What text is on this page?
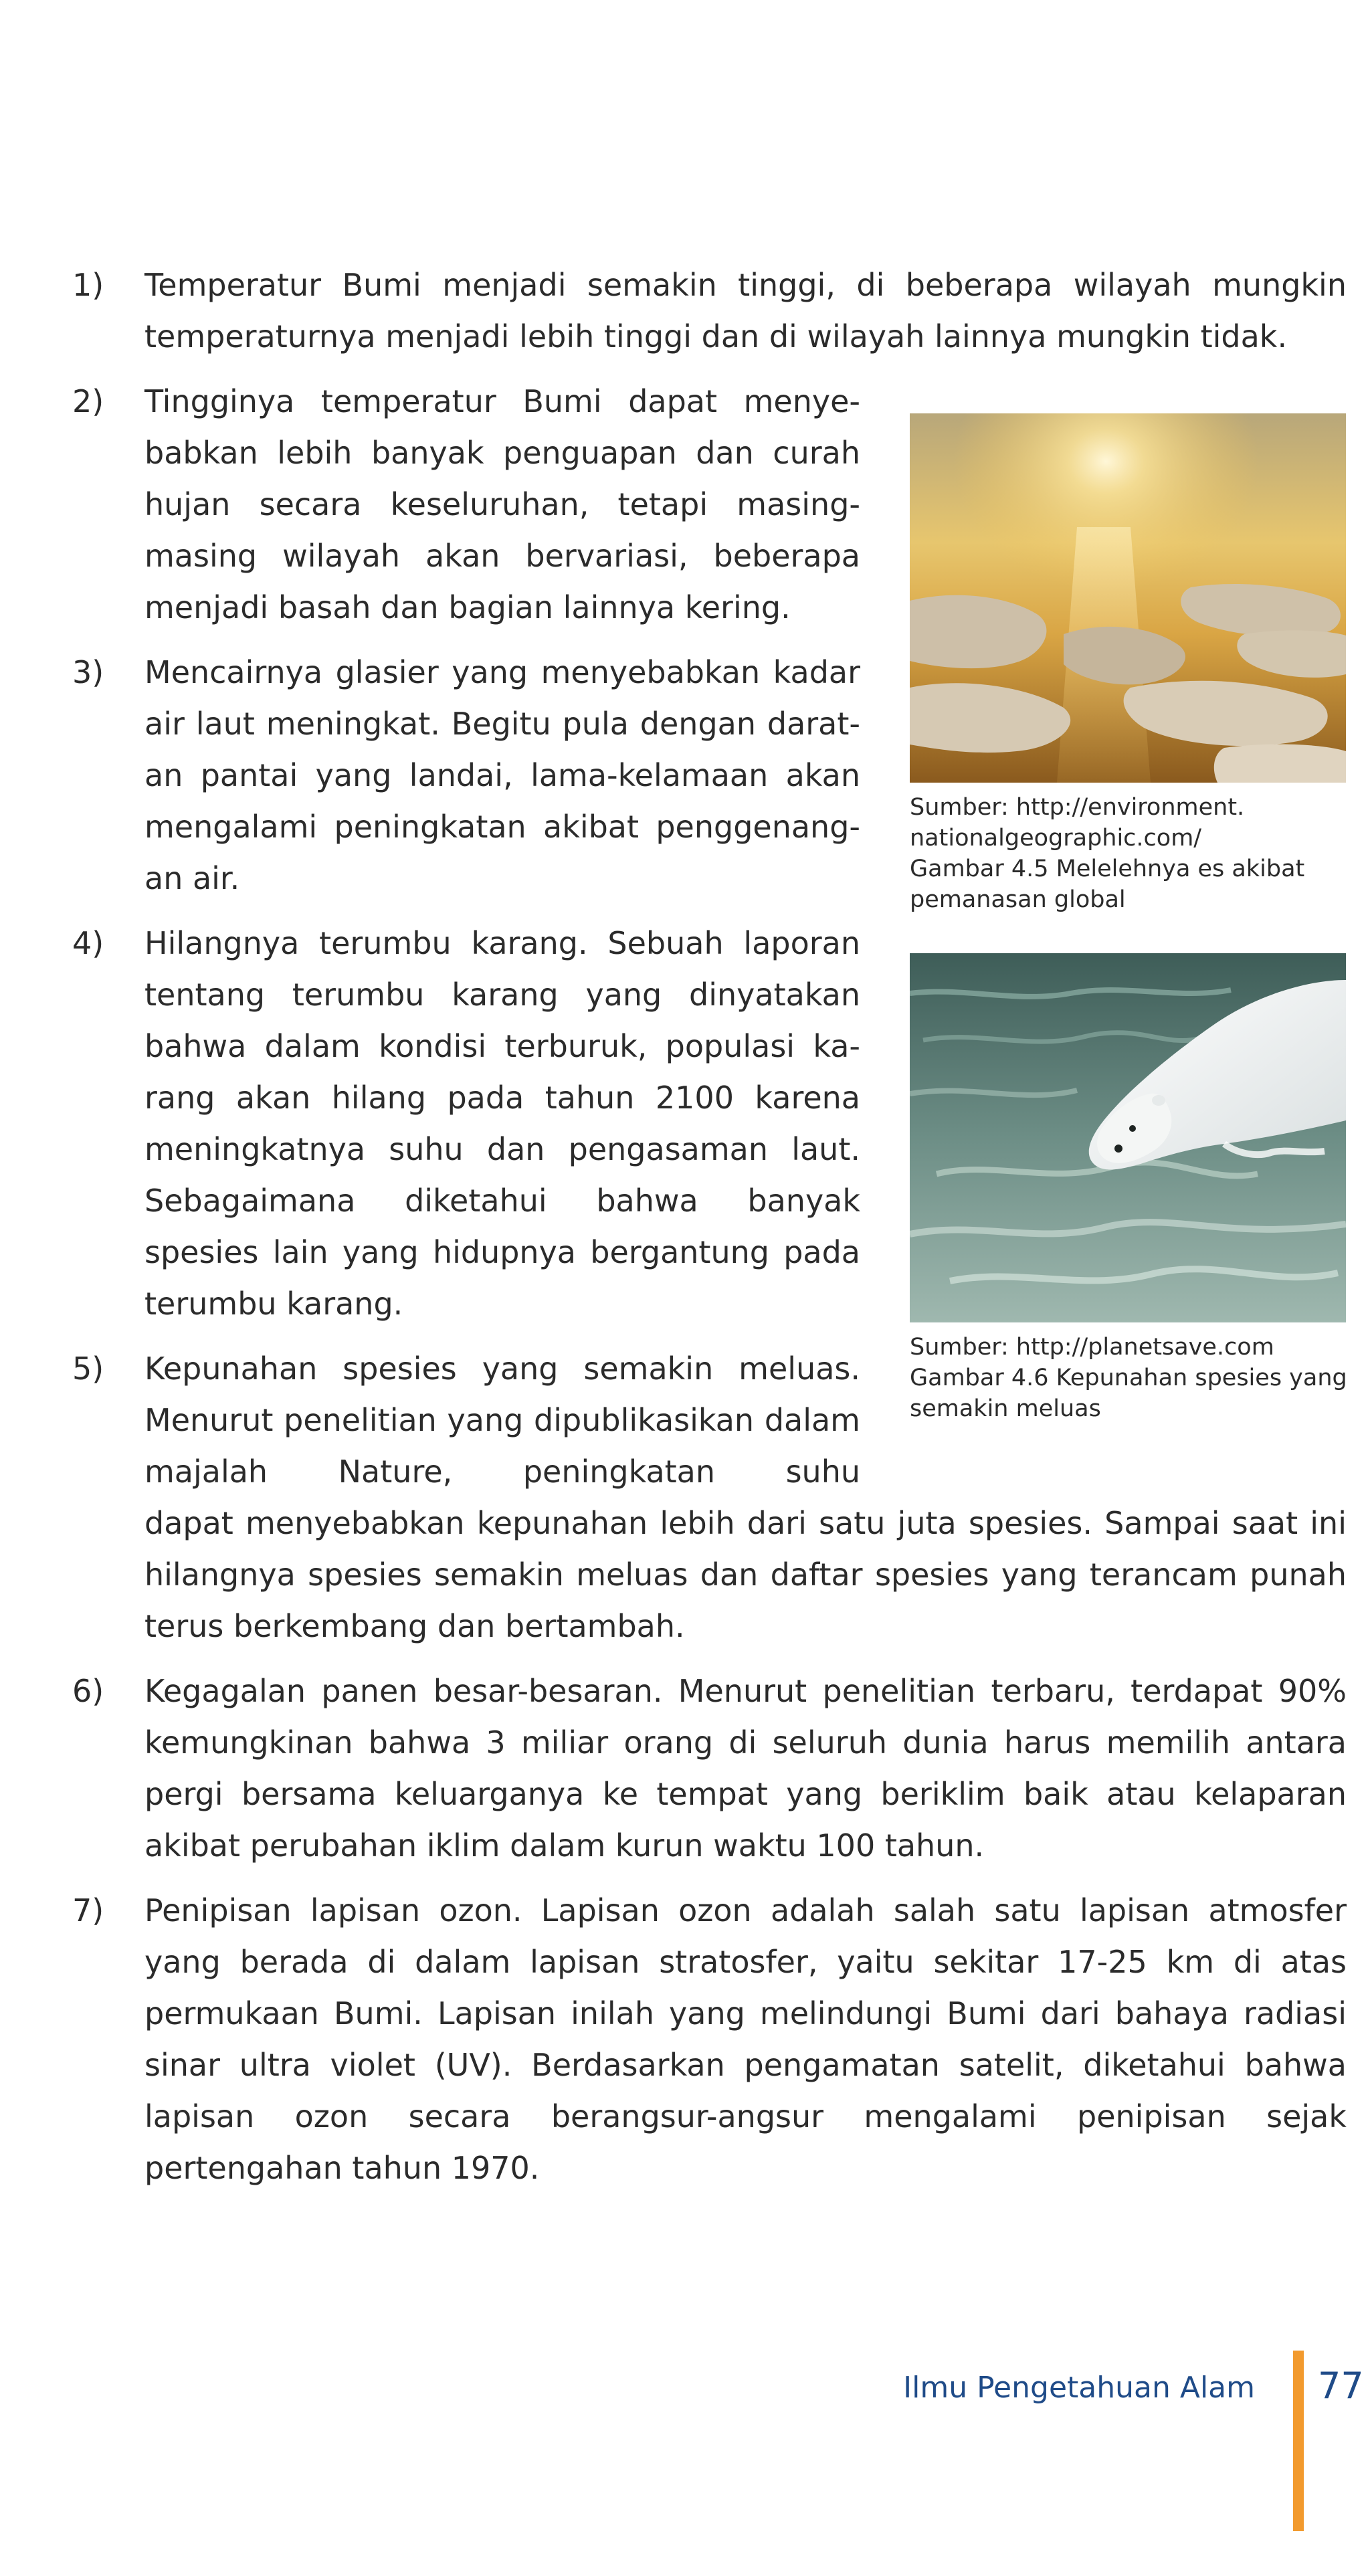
1)	Temperatur Bumi menjadi semakin tinggi, di beberapa wilayah mungkin temperaturnya menjadi lebih tinggi dan di wilayah lainnya mungkin tidak.

2)	Tingginya temperatur Bumi dapat menyebabkan lebih banyak penguapan dan curah hujan secara keseluruhan, tetapi masing-masing wilayah akan bervariasi, beberapa menjadi basah dan bagian lainnya kering.

3)	Mencairnya glasier yang menyebabkan kadar air laut meningkat. Begitu pula dengan daratan pantai yang landai, lama-kelamaan akan mengalami peningkatan akibat penggenangan air.

4)	Hilangnya terumbu karang. Sebuah laporan tentang terumbu karang yang dinyatakan bahwa dalam kondisi terburuk, populasi karang akan hilang pada tahun 2100 karena meningkatnya suhu dan pengasaman laut. Sebagaimana diketahui bahwa banyak spesies lain yang hidupnya bergantung pada terumbu karang.

5)	Kepunahan spesies yang semakin meluas. Menurut penelitian yang dipublikasikan dalam majalah Nature, peningkatan suhu

dapat menyebabkan kepunahan lebih dari satu juta spesies. Sampai saat ini hilangnya spesies semakin meluas dan daftar spesies yang terancam punah terus berkembang dan bertambah.

6)	Kegagalan panen besar-besaran. Menurut penelitian terbaru, terdapat 90% kemungkinan bahwa 3 miliar orang di seluruh dunia harus memilih antara pergi bersama keluarganya ke tempat yang beriklim baik atau kelaparan akibat perubahan iklim dalam kurun waktu 100 tahun.

7)	Penipisan lapisan ozon. Lapisan ozon adalah salah satu lapisan atmosfer yang berada di dalam lapisan stratosfer, yaitu sekitar 17-25 km di atas permukaan Bumi. Lapisan inilah yang melindungi Bumi dari bahaya radiasi sinar ultra violet (UV). Berdasarkan pengamatan satelit, diketahui bahwa lapisan ozon secara berangsur-angsur mengalami penipisan sejak pertengahan tahun 1970.

Sumber: http://environment.
nationalgeographic.com/
Gambar 4.5 Melelehnya es akibat
pemanasan global
Sumber: http://planetsave.com
Gambar 4.6 Kepunahan spesies yang
semakin meluas
Ilmu Pengetahuan Alam 77
